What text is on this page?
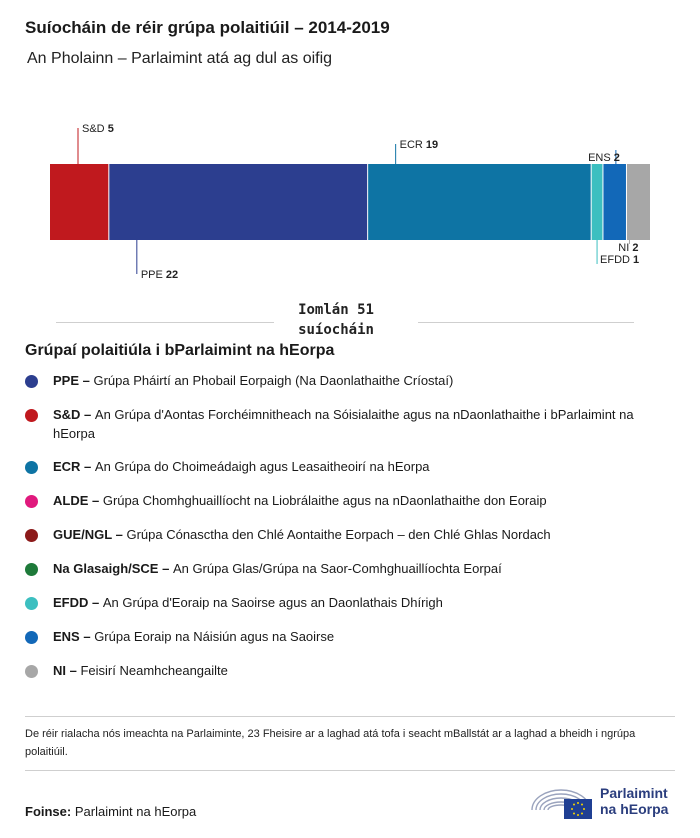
Suíocháin de réir grúpa polaitiúil – 2014-2019
An Pholainn – Parlaimint atá ag dul as oifig
S&D 5
PPE 22
ECR 19
EFDD 1
ENS 2
NI 2
Iomlán 51
suíocháin
Grúpaí polaitiúla i bParlaimint na hEorpa
PPE – Grúpa Pháirtí an Phobail Eorpaigh (Na Daonlathaithe Críostaí)
S&D – An Grúpa d'Aontas Forchéimnitheach na Sóisialaithe agus na nDaonlathaithe i bParlaimint na hEorpa
ECR – An Grúpa do Choimeádaigh agus Leasaitheoirí na hEorpa
ALDE – Grúpa Chomhghuaillíocht na Liobrálaithe agus na nDaonlathaithe don Eoraip
GUE/NGL – Grúpa Cónasctha den Chlé Aontaithe Eorpach – den Chlé Ghlas Nordach
Na Glasaigh/SCE – An Grúpa Glas/Grúpa na Saor-Comhghuaillíochta Eorpaí
EFDD – An Grúpa d'Eoraip na Saoirse agus an Daonlathais Dhírigh
ENS – Grúpa Eoraip na Náisiún agus na Saoirse
NI – Feisirí Neamhcheangailte
De réir rialacha nós imeachta na Parlaiminte, 23 Fheisire ar a laghad atá tofa i seacht mBallstát ar a laghad a bheidh i ngrúpa polaitiúil.
Foinse: Parlaimint na hEorpa
Parlaimint
na hEorpa
